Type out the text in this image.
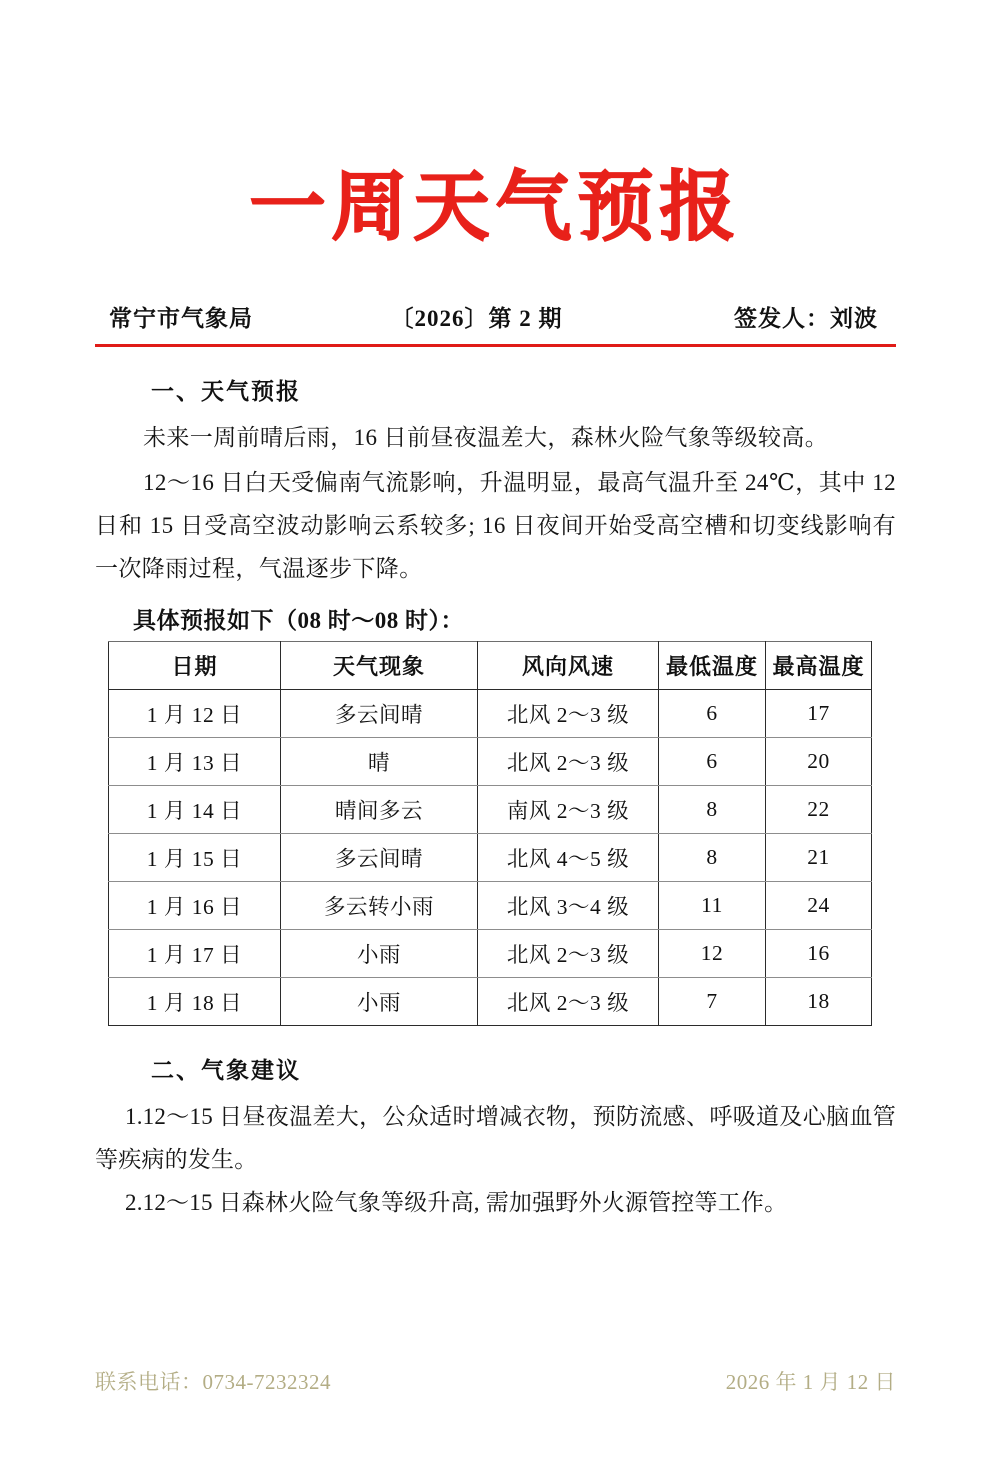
一周天气预报
常宁市气象局	〔2026〕第 2 期	签发人：刘波
一、天气预报

未来一周前晴后雨，16 日前昼夜温差大，森林火险气象等级较高。

12～16 日白天受偏南气流影响，升温明显，最高气温升至 24℃，其中 12 日和 15 日受高空波动影响云系较多; 16 日夜间开始受高空槽和切变线影响有一次降雨过程，气温逐步下降。

具体预报如下（08 时～08 时）：
日期	天气现象	风向风速	最低温度	最高温度
1 月 12 日	多云间晴	北风 2～3 级	6	17
1 月 13 日	晴	北风 2～3 级	6	20
1 月 14 日	晴间多云	南风 2～3 级	8	22
1 月 15 日	多云间晴	北风 4～5 级	8	21
1 月 16 日	多云转小雨	北风 3～4 级	11	24
1 月 17 日	小雨	北风 2～3 级	12	16
1 月 18 日	小雨	北风 2～3 级	7	18
二、气象建议

1.12～15 日昼夜温差大，公众适时增减衣物，预防流感、呼吸道及心脑血管等疾病的发生。

2.12～15 日森林火险气象等级升高, 需加强野外火源管控等工作。

联系电话：0734-7232324	2026 年 1 月 12 日
